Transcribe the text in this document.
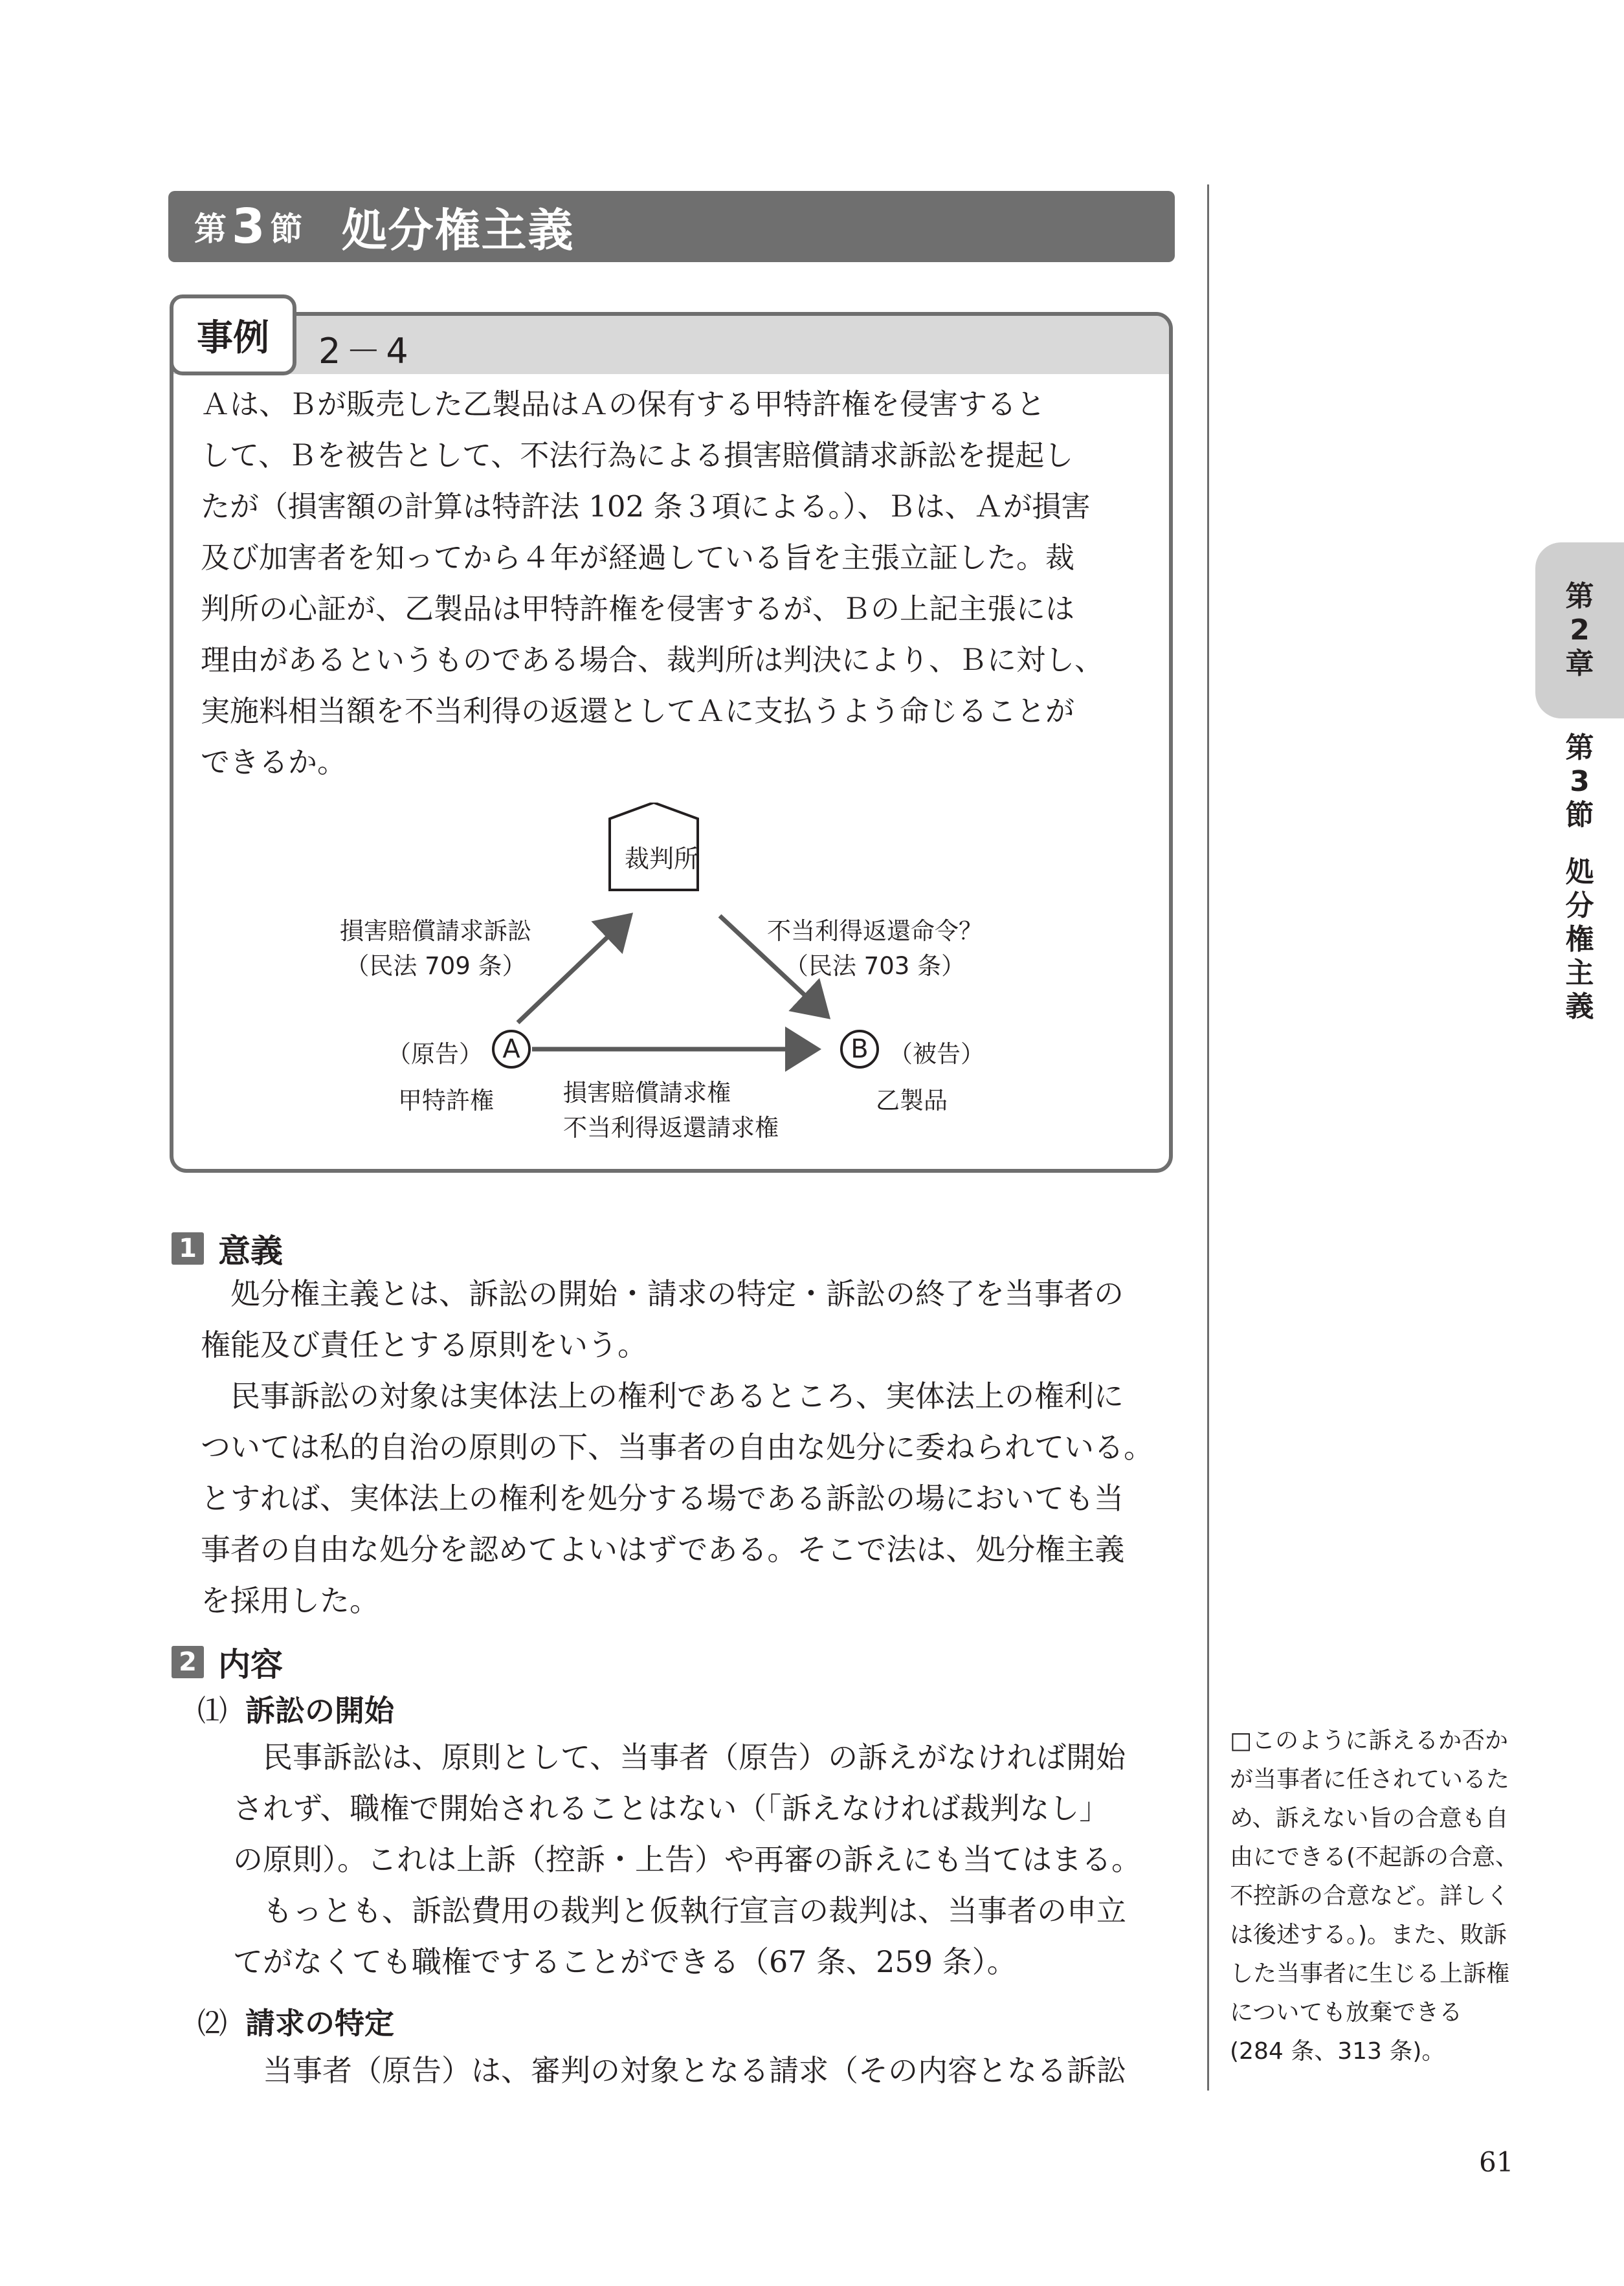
第 3 節 処分権主義
事例	2－4

Ａは、Ｂが販売した乙製品はＡの保有する甲特許権を侵害すると

して、Ｂを被告として、不法行為による損害賠償請求訴訟を提起し

たが（損害額の計算は特許法 102 条３項による。）、Ｂは、Ａが損害

及び加害者を知ってから４年が経過している旨を主張立証した。裁

判所の心証が、乙製品は甲特許権を侵害するが、Ｂの上記主張には

理由があるというものである場合、裁判所は判決により、Ｂに対し、

実施料相当額を不当利得の返還としてＡに支払うよう命じることが

できるか。

裁判所
損害賠償請求訴訟
（民法 709 条）
不当利得返還命令？
（民法 703 条）
（原告） A
甲特許権
B （被告）
乙製品
損害賠償請求権
不当利得返還請求権
1 意義

　処分権主義とは、訴訟の開始・請求の特定・訴訟の終了を当事者の

権能及び責任とする原則をいう。

　民事訴訟の対象は実体法上の権利であるところ、実体法上の権利に

ついては私的自治の原則の下、当事者の自由な処分に委ねられている。

とすれば、実体法上の権利を処分する場である訴訟の場においても当

事者の自由な処分を認めてよいはずである。そこで法は、処分権主義

を採用した。

2 内容
⑴ 訴訟の開始

　民事訴訟は、原則として、当事者（原告）の訴えがなければ開始

されず、職権で開始されることはない（「訴えなければ裁判なし」

の原則）。これは上訴（控訴・上告）や再審の訴えにも当てはまる。

　もっとも、訴訟費用の裁判と仮執行宣言の裁判は、当事者の申立

てがなくても職権ですることができる（67 条、259 条）。

⑵ 請求の特定

　当事者（原告）は、審判の対象となる請求（その内容となる訴訟

□このように訴えるか否か

が当事者に任されているた

め、訴えない旨の合意も自

由にできる(不起訴の合意、

不控訴の合意など。詳しく

は後述する。)。また、敗訴

した当事者に生じる上訴権

についても放棄できる

(284 条、313 条)。

第
2
章
第
3
節
処
分
権
主
義
61
